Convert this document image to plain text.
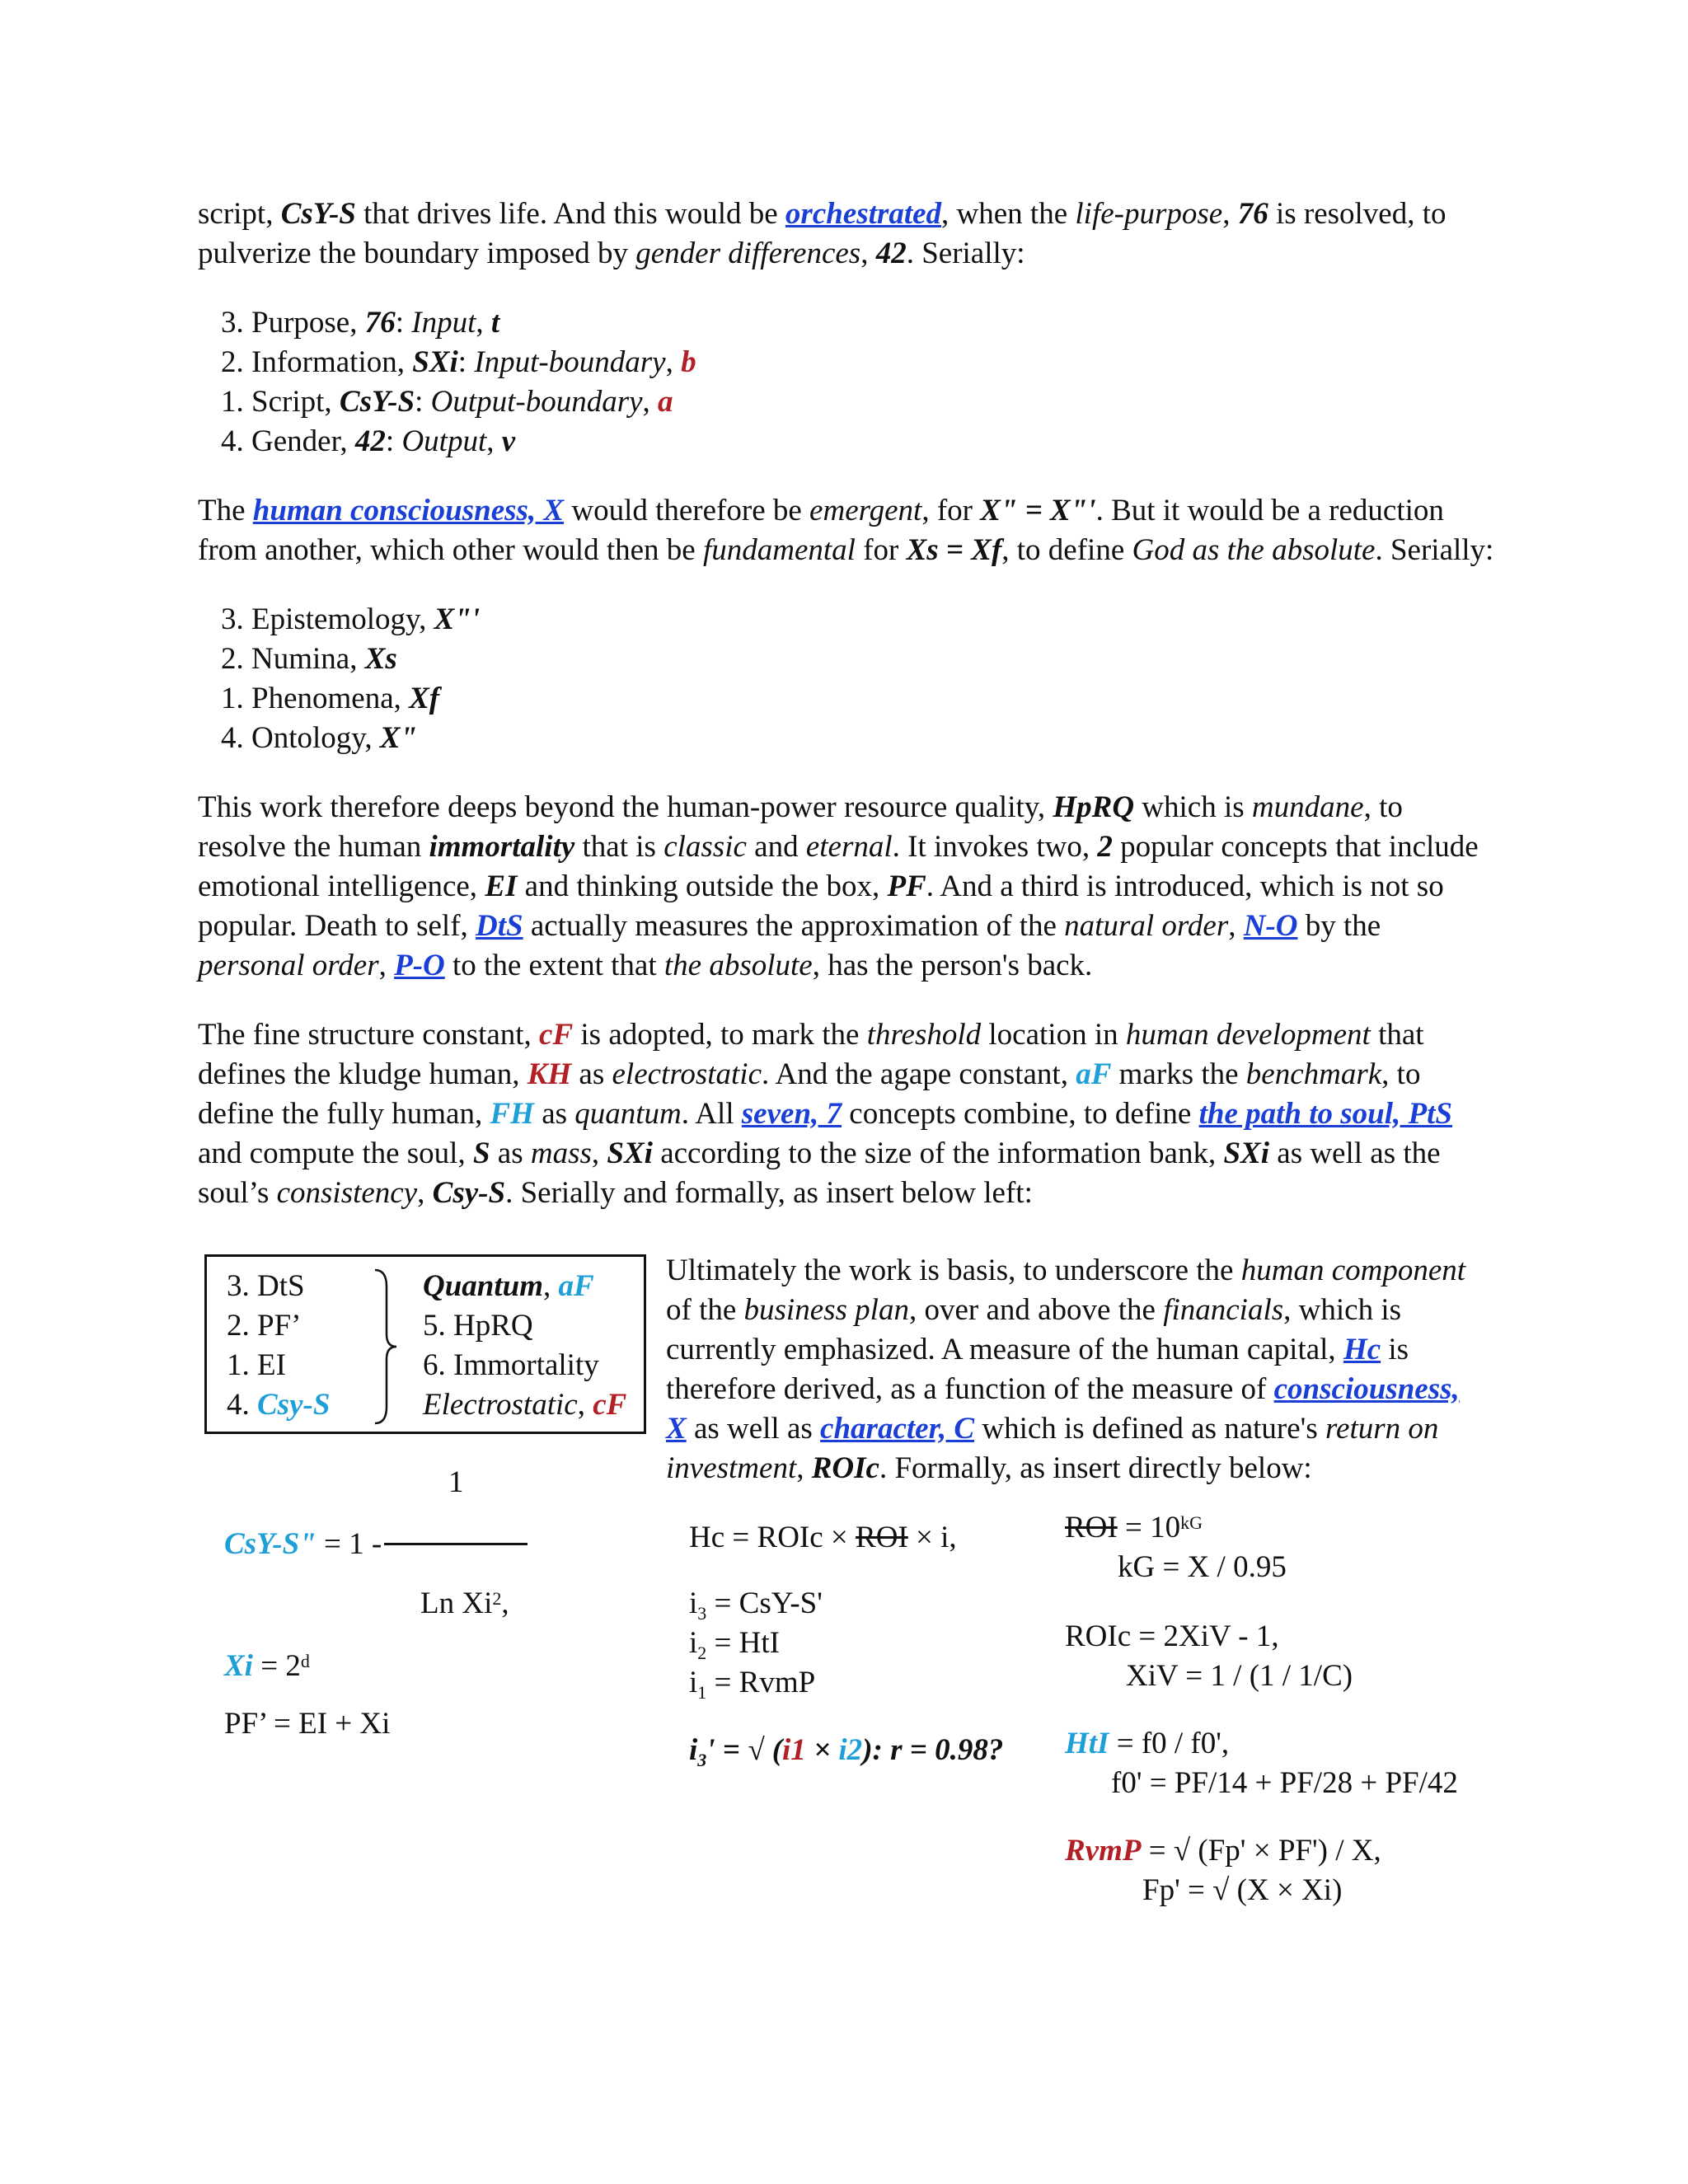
script, CsY-S that drives life. And this would be orchestrated, when the life-purpose, 76 is resolved, to
pulverize the boundary imposed by gender differences, 42. Serially:

3. Purpose, 76: Input, t
2. Information, SXi: Input-boundary, b
1. Script, CsY-S: Output-boundary, a
4. Gender, 42: Output, v

The human consciousness, X would therefore be emergent, for X" = X"'. But it would be a reduction
from another, which other would then be fundamental for Xs = Xf, to define God as the absolute. Serially:

3. Epistemology, X"'
2. Numina, Xs
1. Phenomena, Xf
4. Ontology, X"

This work therefore deeps beyond the human-power resource quality, HpRQ which is mundane, to
resolve the human immortality that is classic and eternal. It invokes two, 2 popular concepts that include
emotional intelligence, EI and thinking outside the box, PF. And a third is introduced, which is not so
popular. Death to self, DtS actually measures the approximation of the natural order, N-O by the
personal order, P-O to the extent that the absolute, has the person's back.

The fine structure constant, cF is adopted, to mark the threshold location in human development that
defines the kludge human, KH as electrostatic. And the agape constant, aF marks the benchmark, to
define the fully human, FH as quantum. All seven, 7 concepts combine, to define the path to soul, PtS
and compute the soul, S as mass, SXi according to the size of the information bank, SXi as well as the
soul’s consistency, Csy-S. Serially and formally, as insert below left:

3. DtS
2. PF’
1. EI
4. Csy-S
Quantum, aF
5. HpRQ
6. Immortality
Electrostatic, cF
Ultimately the work is basis, to underscore the human component
of the business plan, over and above the financials, which is
currently emphasized. A measure of the human capital, Hc is
therefore derived, as a function of the measure of consciousness,
X as well as character, C which is defined as nature's return on
investment, ROIc. Formally, as insert directly below:
1
CsY-S" = 1 -
Ln Xi$^2$,
$Xi = 2^d$
PF’ = EI + Xi
Hc = ROIc × ROI × i,
$i_3 = CsY-S'$
$i_2$ = HtI
$i_1$ = RvmP
$i_3'$ = √ (i1 × i2): r = 0.98?
ROI = $10^{kG}$
kG = X / 0.95
ROIc = 2XiV - 1,
XiV = 1 / (1 / 1/C)
HtI = f0 / f0',
f0' = PF/14 + PF/28 + PF/42
RvmP = √ (Fp' × PF') / X,
Fp' = √ (X × Xi)
